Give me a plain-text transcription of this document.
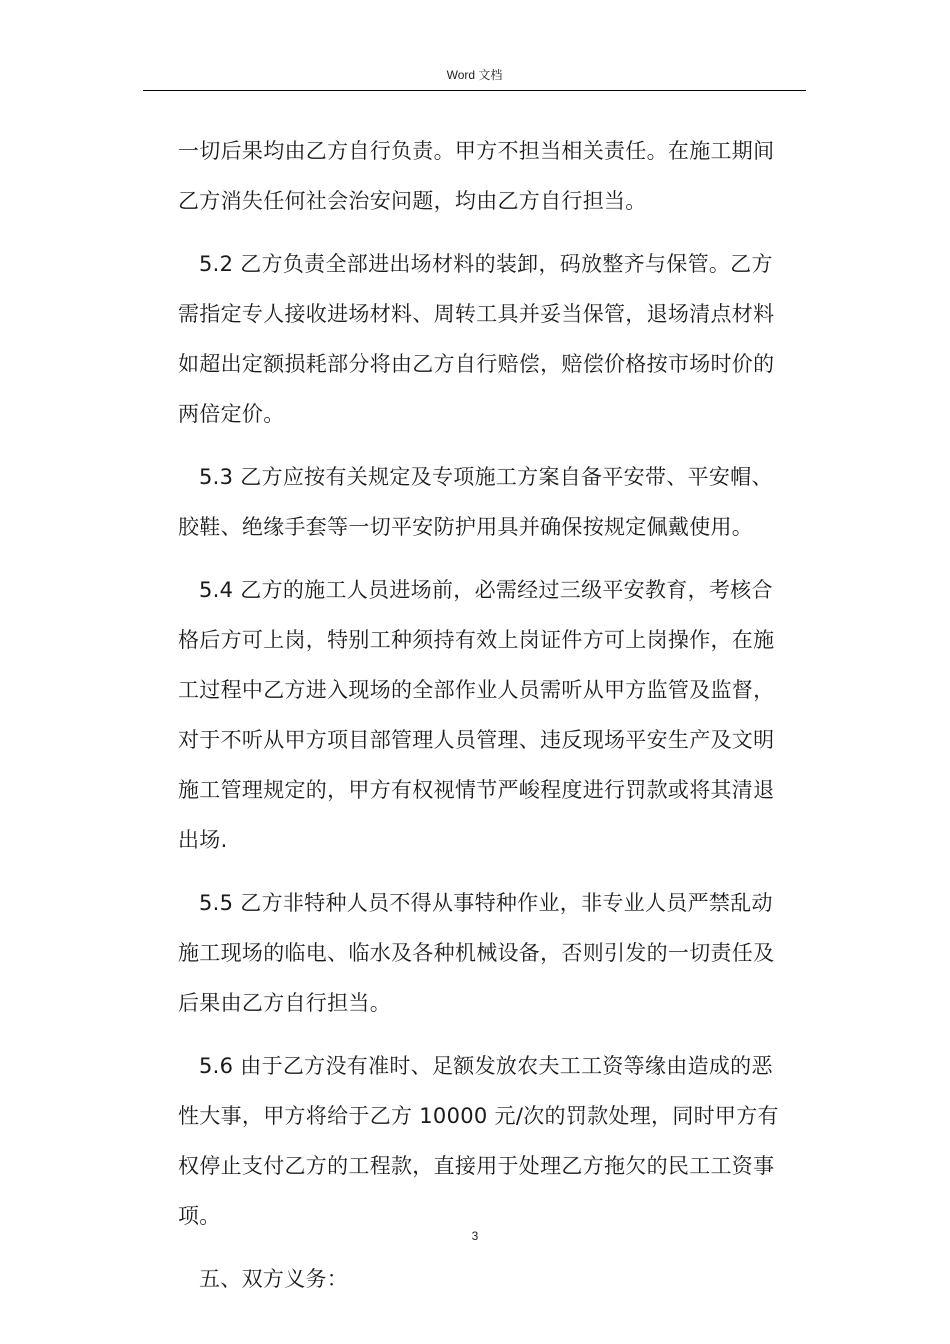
Word 文档
一切后果均由乙方自行负责。甲方不担当相关责任。在施工期间
乙方消失任何社会治安问题，均由乙方自行担当。
5.2 乙方负责全部进出场材料的装卸，码放整齐与保管。乙方
需指定专人接收进场材料、周转工具并妥当保管，退场清点材料
如超出定额损耗部分将由乙方自行赔偿，赔偿价格按市场时价的
两倍定价。
5.3 乙方应按有关规定及专项施工方案自备平安带、平安帽、
胶鞋、绝缘手套等一切平安防护用具并确保按规定佩戴使用。
5.4 乙方的施工人员进场前，必需经过三级平安教育，考核合
格后方可上岗，特别工种须持有效上岗证件方可上岗操作，在施
工过程中乙方进入现场的全部作业人员需听从甲方监管及监督，
对于不听从甲方项目部管理人员管理、违反现场平安生产及文明
施工管理规定的，甲方有权视情节严峻程度进行罚款或将其清退
出场.
5.5 乙方非特种人员不得从事特种作业，非专业人员严禁乱动
施工现场的临电、临水及各种机械设备，否则引发的一切责任及
后果由乙方自行担当。
5.6 由于乙方没有准时、足额发放农夫工工资等缘由造成的恶
性大事，甲方将给于乙方 10000 元/次的罚款处理，同时甲方有
权停止支付乙方的工程款，直接用于处理乙方拖欠的民工工资事
项。
五、双方义务：
3
